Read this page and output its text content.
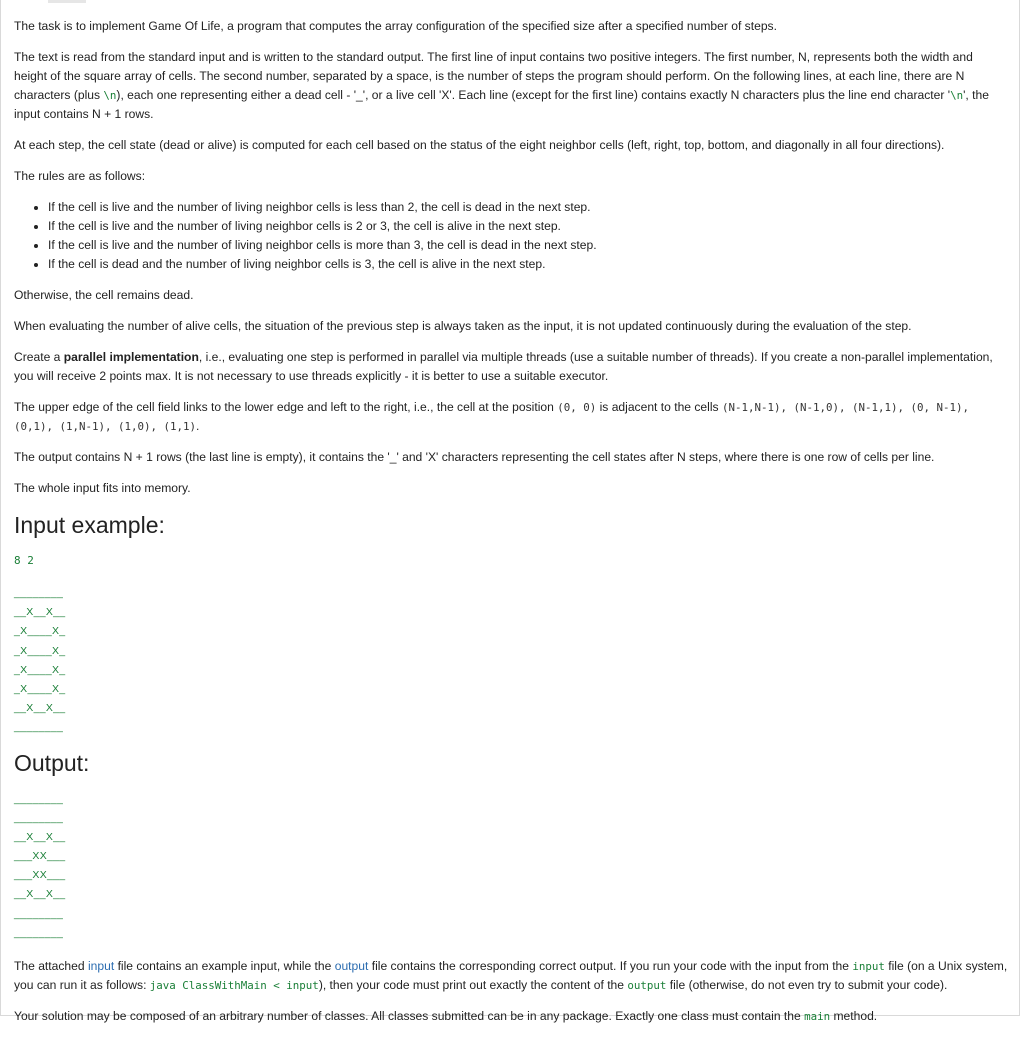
The task is to implement Game Of Life, a program that computes the array configuration of the specified size after a specified number of steps.

The text is read from the standard input and is written to the standard output. The first line of input contains two positive integers. The first number, N, represents both the width and height of the square array of cells. The second number, separated by a space, is the number of steps the program should perform. On the following lines, at each line, there are N characters (plus \n), each one representing either a dead cell - '_', or a live cell 'X'. Each line (except for the first line) contains exactly N characters plus the line end character '\n', the input contains N + 1 rows.

At each step, the cell state (dead or alive) is computed for each cell based on the status of the eight neighbor cells (left, right, top, bottom, and diagonally in all four directions).

The rules are as follows:

• If the cell is live and the number of living neighbor cells is less than 2, the cell is dead in the next step.
• If the cell is live and the number of living neighbor cells is 2 or 3, the cell is alive in the next step.
• If the cell is live and the number of living neighbor cells is more than 3, the cell is dead in the next step.
• If the cell is dead and the number of living neighbor cells is 3, the cell is alive in the next step.

Otherwise, the cell remains dead.

When evaluating the number of alive cells, the situation of the previous step is always taken as the input, it is not updated continuously during the evaluation of the step.

Create a parallel implementation, i.e., evaluating one step is performed in parallel via multiple threads (use a suitable number of threads). If you create a non-parallel implementation, you will receive 2 points max. It is not necessary to use threads explicitly - it is better to use a suitable executor.

The upper edge of the cell field links to the lower edge and left to the right, i.e., the cell at the position (0, 0) is adjacent to the cells (N-1,N-1), (N-1,0), (N-1,1), (0, N-1), (0,1), (1,N-1), (1,0), (1,1).

The output contains N + 1 rows (the last line is empty), it contains the '_' and 'X' characters representing the cell states after N steps, where there is one row of cells per line.

The whole input fits into memory.

Input example:
8 2
________
__X__X__
_X____X_
_X____X_
_X____X_
_X____X_
__X__X__
________
Output:
________
________
__X__X__
___XX___
___XX___
__X__X__
________
________

The attached input file contains an example input, while the output file contains the corresponding correct output. If you run your code with the input from the input file (on a Unix system, you can run it as follows: java ClassWithMain < input), then your code must print out exactly the content of the output file (otherwise, do not even try to submit your code).

Your solution may be composed of an arbitrary number of classes. All classes submitted can be in any package. Exactly one class must contain the main method.
